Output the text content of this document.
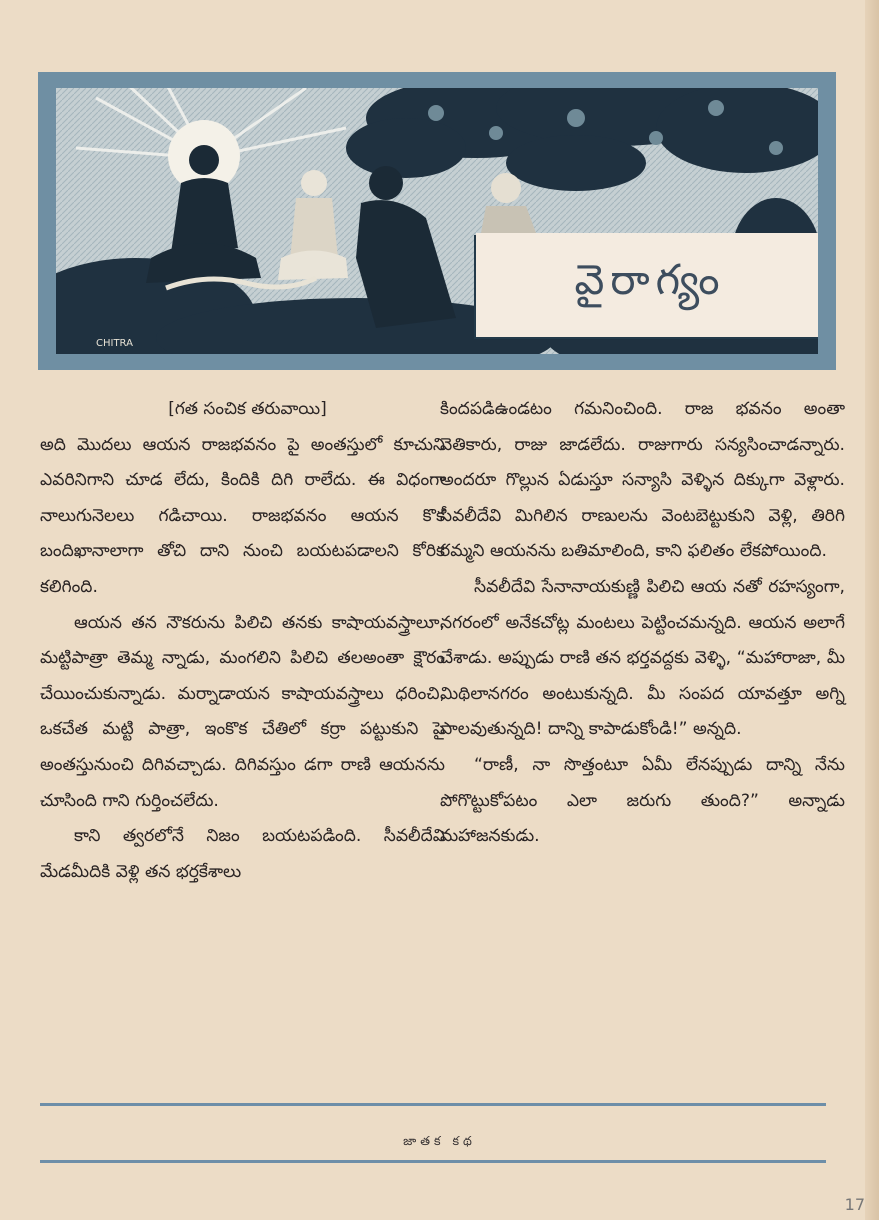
CHITRA
వైరాగ్యం

[గత సంచిక తరువాయి]

అది మొదలు ఆయన రాజభవనం పై అంతస్తులో కూచుని ఎవరినిగాని చూడ లేదు, కిందికి దిగి రాలేదు. ఈ విధంగా నాలుగునెలలు గడిచాయి. రాజభవనం ఆయన కొక బందిఖానాలాగా తోచి దాని నుంచి బయటపడాలని కోరిక కలిగింది.

ఆయన తన నౌకరును పిలిచి తనకు కాషాయవస్త్రాలూ, మట్టిపాత్రా తెమ్మ న్నాడు, మంగలిని పిలిచి తలఅంతా క్షౌరం చేయించుకున్నాడు. మర్నాడాయన కాషాయవస్త్రాలు ధరించి, ఒకచేత మట్టి పాత్రా, ఇంకొక చేతిలో కర్రా పట్టుకుని పై అంతస్తునుంచి దిగివచ్చాడు. దిగివస్తుం డగా రాణి ఆయనను చూసింది గాని గుర్తించలేదు.

కాని త్వరలోనే నిజం బయటపడింది. సీవలీదేవి మేడమీదికి వెళ్లి తన భర్తకేశాలు

కిందపడిఉండటం గమనించింది. రాజ భవనం అంతా వెతికారు, రాజు జాడలేదు. రాజుగారు సన్యసించాడన్నారు. అందరూ గొల్లున ఏడుస్తూ సన్యాసి వెళ్ళిన దిక్కుగా వెళ్లారు. సీవలీదేవి మిగిలిన రాణులను వెంటబెట్టుకుని వెళ్లి, తిరిగి రమ్మని ఆయనను బతిమాలింది, కాని ఫలితం లేకపోయింది.

సీవలీదేవి సేనానాయకుణ్ణి పిలిచి ఆయ నతో రహస్యంగా, నగరంలో అనేకచోట్ల మంటలు పెట్టించమన్నది. ఆయన అలాగే చేశాడు. అప్పుడు రాణి తన భర్తవద్దకు వెళ్ళి, “మహారాజా, మీ మిథిలానగరం అంటుకున్నది. మీ సంపద యావత్తూ అగ్ని పాలవుతున్నది! దాన్ని కాపాడుకోండి!” అన్నది.

“రాణీ, నా సొత్తంటూ ఏమీ లేనప్పుడు దాన్ని నేను పోగొట్టుకోపటం ఎలా జరుగు తుంది?” అన్నాడు మహాజనకుడు.

జాతక కథ
17
